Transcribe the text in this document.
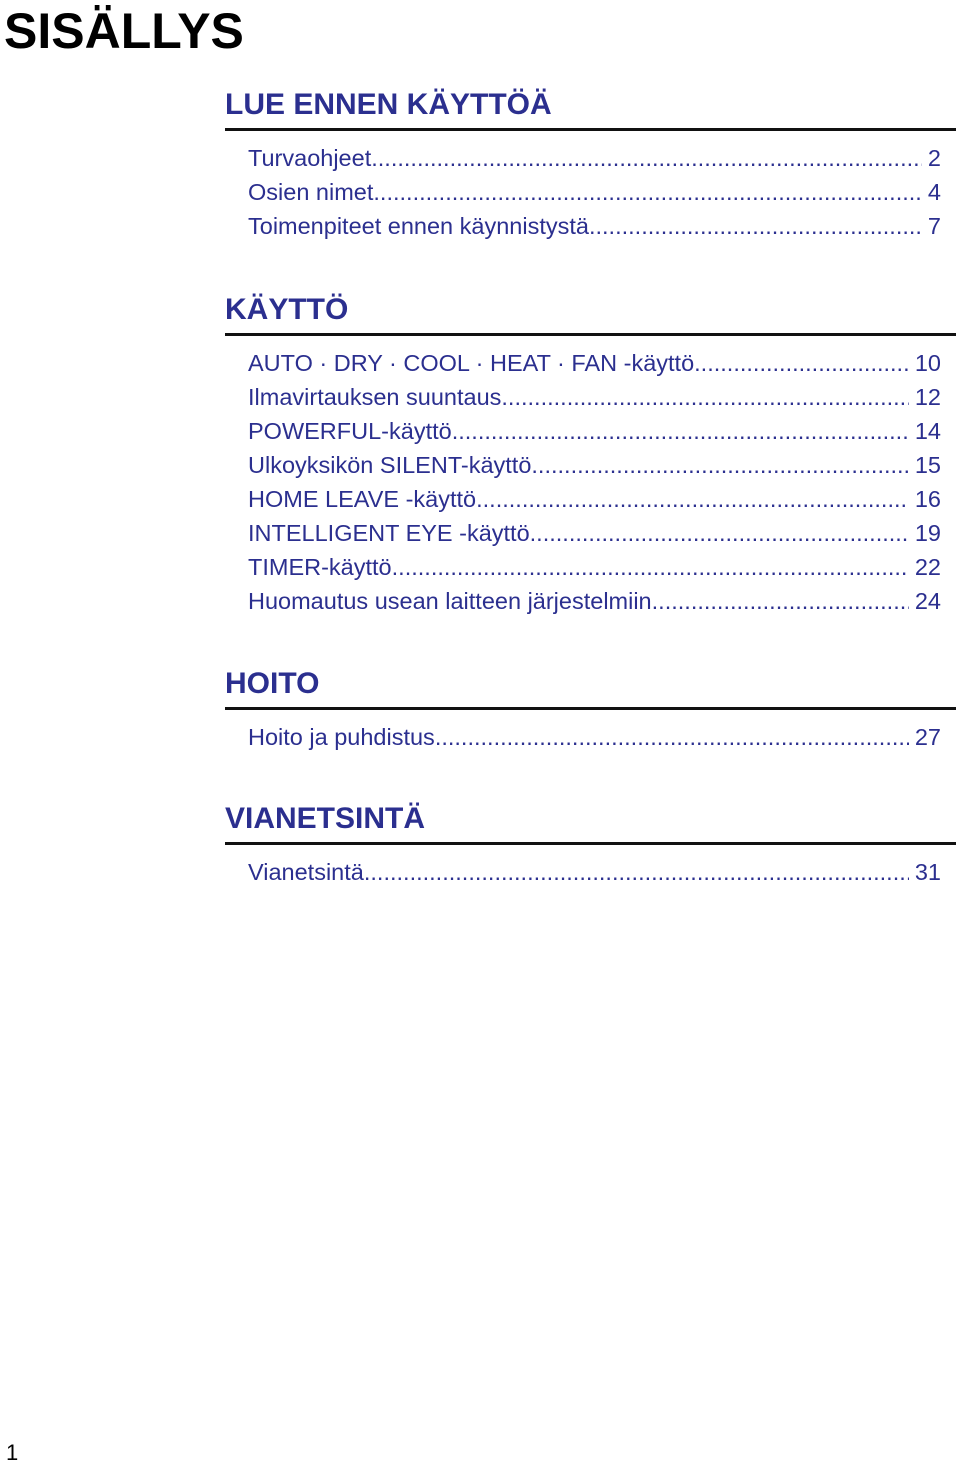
SISÄLLYS
LUE ENNEN KÄYTTÖÄ
Turvaohjeet .....	2
Osien nimet .....	4
Toimenpiteet ennen käynnistystä .....	7
KÄYTTÖ
AUTO · DRY · COOL · HEAT · FAN -käyttö .....	10
Ilmavirtauksen suuntaus .....	12
POWERFUL-käyttö .....	14
Ulkoyksikön SILENT-käyttö .....	15
HOME LEAVE -käyttö .....	16
INTELLIGENT EYE -käyttö .....	19
TIMER-käyttö .....	22
Huomautus usean laitteen järjestelmiin .....	24
HOITO
Hoito ja puhdistus .....	27
VIANETSINTÄ
Vianetsintä .....	31
1
